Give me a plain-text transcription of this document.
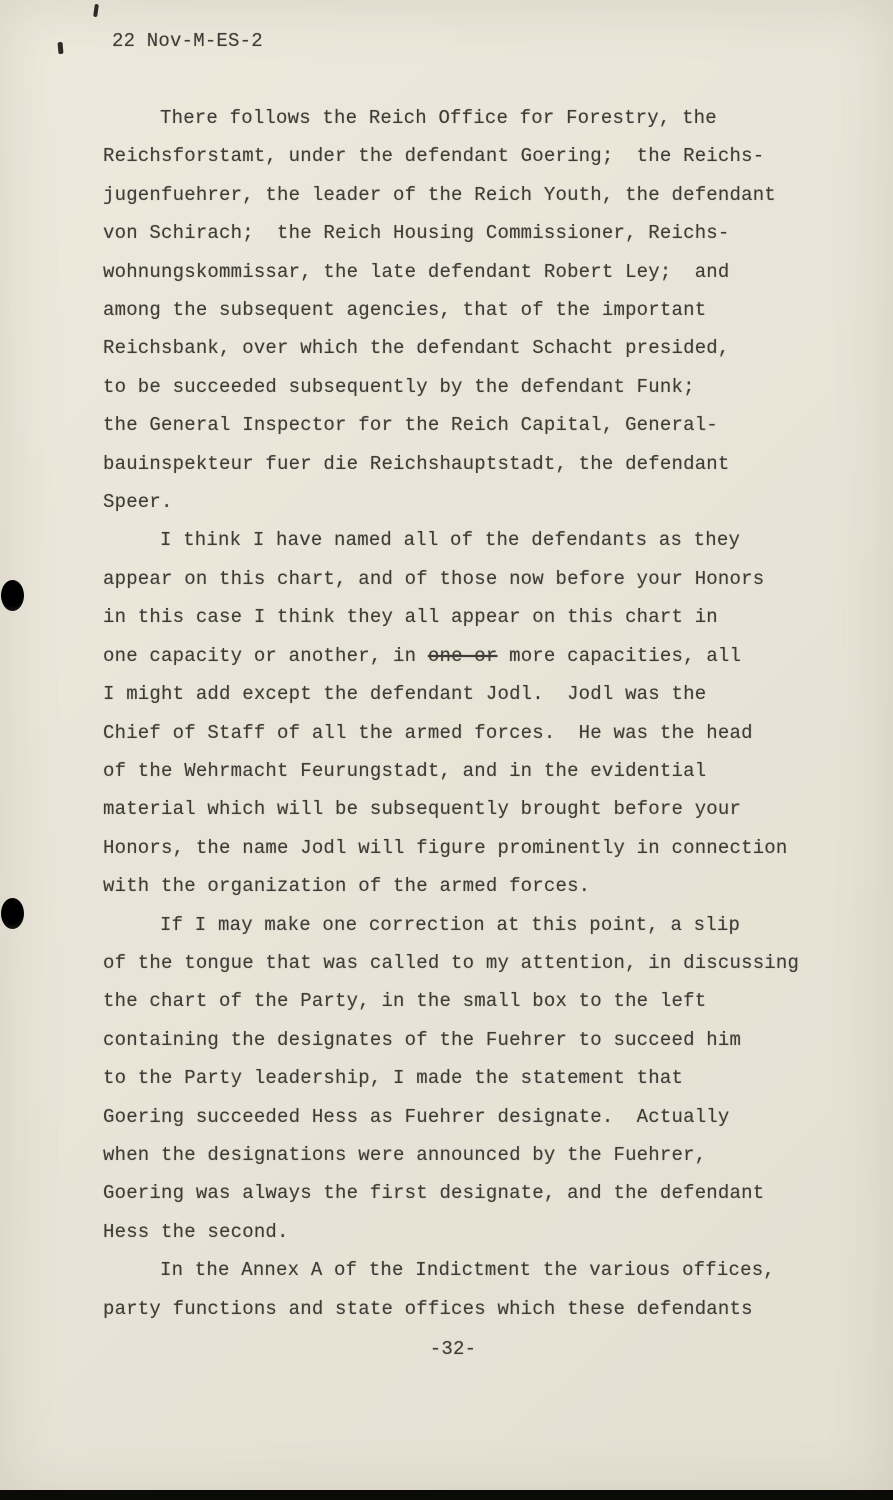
22 Nov-M-ES-2
There follows the Reich Office for Forestry, the
Reichsforstamt, under the defendant Goering;  the Reichs-
jugenfuehrer, the leader of the Reich Youth, the defendant
von Schirach;  the Reich Housing Commissioner, Reichs-
wohnungskommissar, the late defendant Robert Ley;  and
among the subsequent agencies, that of the important
Reichsbank, over which the defendant Schacht presided,
to be succeeded subsequently by the defendant Funk;
the General Inspector for the Reich Capital, General-
bauinspekteur fuer die Reichshauptstadt, the defendant
Speer.
I think I have named all of the defendants as they
appear on this chart, and of those now before your Honors
in this case I think they all appear on this chart in
one capacity or another, in one or more capacities, all
I might add except the defendant Jodl.  Jodl was the
Chief of Staff of all the armed forces.  He was the head
of the Wehrmacht Feurungstadt, and in the evidential
material which will be subsequently brought before your
Honors, the name Jodl will figure prominently in connection
with the organization of the armed forces.
If I may make one correction at this point, a slip
of the tongue that was called to my attention, in discussing
the chart of the Party, in the small box to the left
containing the designates of the Fuehrer to succeed him
to the Party leadership, I made the statement that
Goering succeeded Hess as Fuehrer designate.  Actually
when the designations were announced by the Fuehrer,
Goering was always the first designate, and the defendant
Hess the second.
In the Annex A of the Indictment the various offices,
party functions and state offices which these defendants
-32-
